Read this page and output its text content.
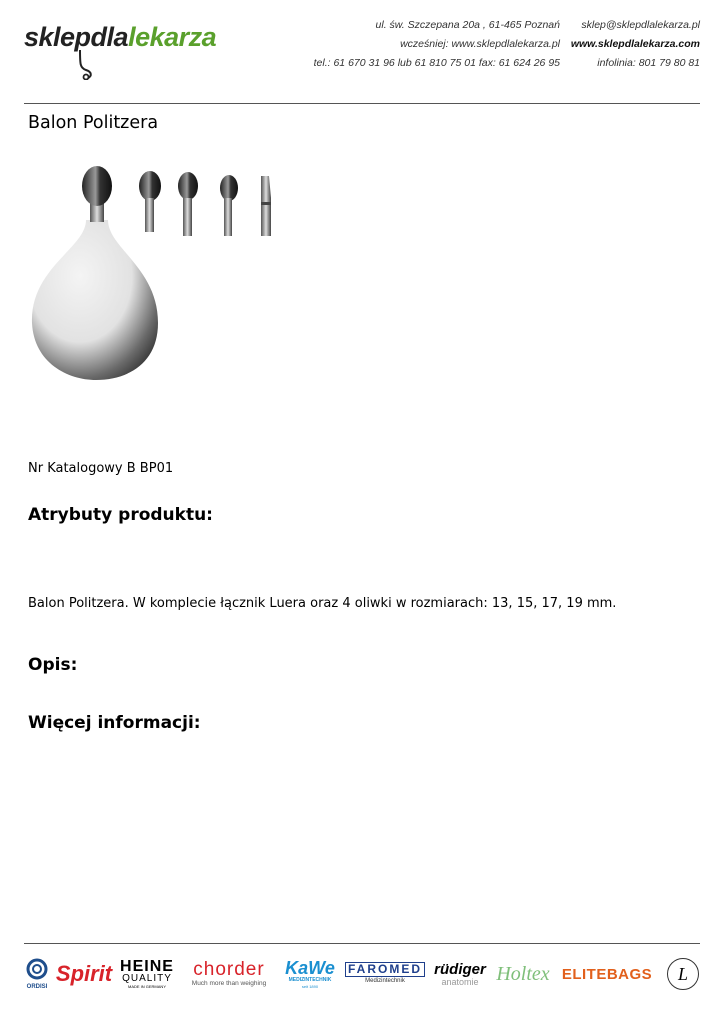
sklepdlalekarza	ul. św. Szczepana 20a , 61-465 Poznań
wcześniej: www.sklepdlalekarza.pl
tel.: 61 670 31 96 lub 61 810 75 01 fax: 61 624 26 95
sklep@sklepdlalekarza.pl
www.sklepdlalekarza.com
infolinia: 801 79 80 81
Balon Politzera
Nr Katalogowy B BP01
Atrybuty produktu:
Balon Politzera. W komplecie łącznik Luera oraz 4 oliwki w rozmiarach: 13, 15, 17, 19 mm.
Opis:
Więcej informacji:
ORDISI
Spirit HEINE
QUALITY
MADE IN GERMANY
chorder
Much more than weighing
KaWe
MEDIZINTECHNIK
seit 1890
FAROMED
Medizintechnik
rüdiger
anatomie Holtex ELITEBAGS	L
